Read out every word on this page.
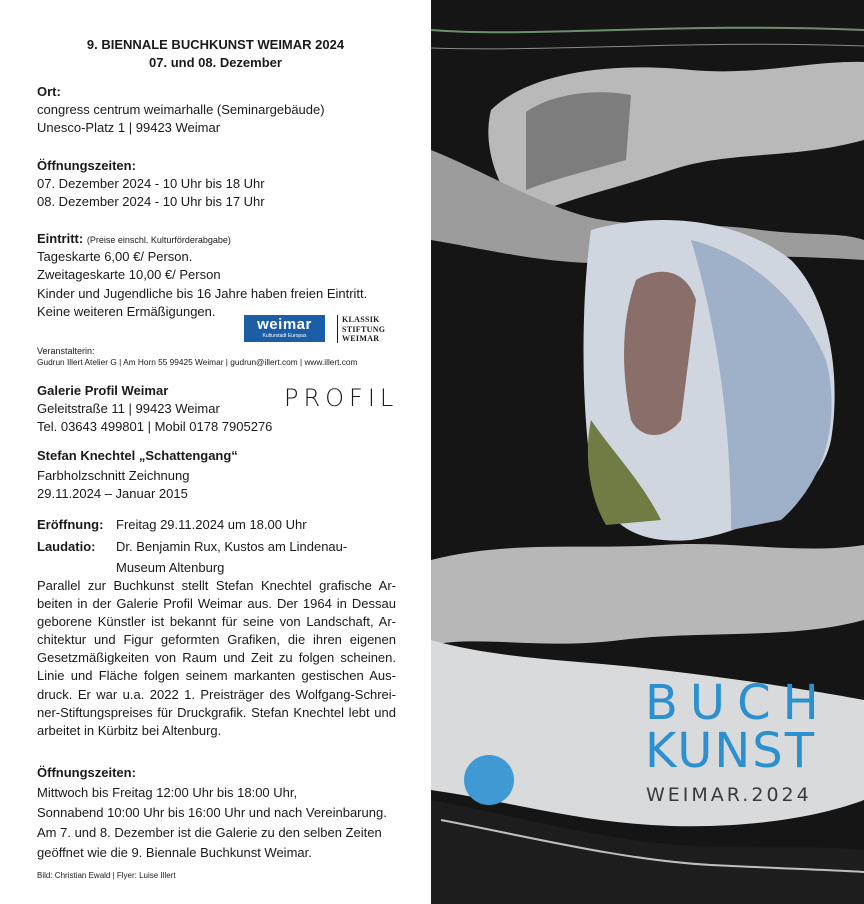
9. BIENNALE BUCHKUNST WEIMAR 2024
07. und 08. Dezember
Ort:
congress centrum weimarhalle (Seminargebäude)
Unesco-Platz 1 | 99423 Weimar
Öffnungszeiten:
07. Dezember 2024 - 10 Uhr bis 18 Uhr
08. Dezember 2024 - 10 Uhr bis 17 Uhr
Eintritt: (Preise einschl. Kulturförderabgabe)
Tageskarte 6,00 €/ Person.
Zweitageskarte 10,00 €/ Person
Kinder und Jugendliche bis 16 Jahre haben freien Eintritt.
Keine weiteren Ermäßigungen.
weimar
Kulturstadt Europas
KLASSIK
STIFTUNG
WEIMAR
Veranstalterin:
Gudrun Illert Atelier G | Am Horn 55 99425 Weimar | gudrun@illert.com | www.illert.com
Galerie Profil Weimar
Geleitstraße 11 | 99423 Weimar
Tel. 03643 499801 | Mobil 0178 7905276
PROFIL
Stefan Knechtel „Schattengang“
Farbholzschnitt Zeichnung
29.11.2024 – Januar 2015
Eröffnung: Freitag 29.11.2024 um 18.00 Uhr
Laudatio: Dr. Benjamin Rux, Kustos am Lindenau-
Museum Altenburg
Parallel zur Buchkunst stellt Stefan Knechtel grafische Arbeiten in der Galerie Profil Weimar aus. Der 1964 in Dessau geborene Künstler ist bekannt für seine von Landschaft, Architektur und Figur geformten Grafiken, die ihren eigenen Gesetzmäßigkeiten von Raum und Zeit zu folgen scheinen. Linie und Fläche folgen seinem markanten gestischen Ausdruck. Er war u.a. 2022 1. Preisträger des Wolfgang-Schreiner-Stiftungspreises für Druckgrafik. Stefan Knechtel lebt und arbeitet in Kürbitz bei Altenburg.
Öffnungszeiten:
Mittwoch bis Freitag 12:00 Uhr bis 18:00 Uhr,
Sonnabend 10:00 Uhr bis 16:00 Uhr und nach Vereinbarung.
Am 7. und 8. Dezember ist die Galerie zu den selben Zeiten
geöffnet wie die 9. Biennale Buchkunst Weimar.
Bild: Christian Ewald | Flyer: Luise Illert
BUCH
KUNST
WEIMAR.2024
